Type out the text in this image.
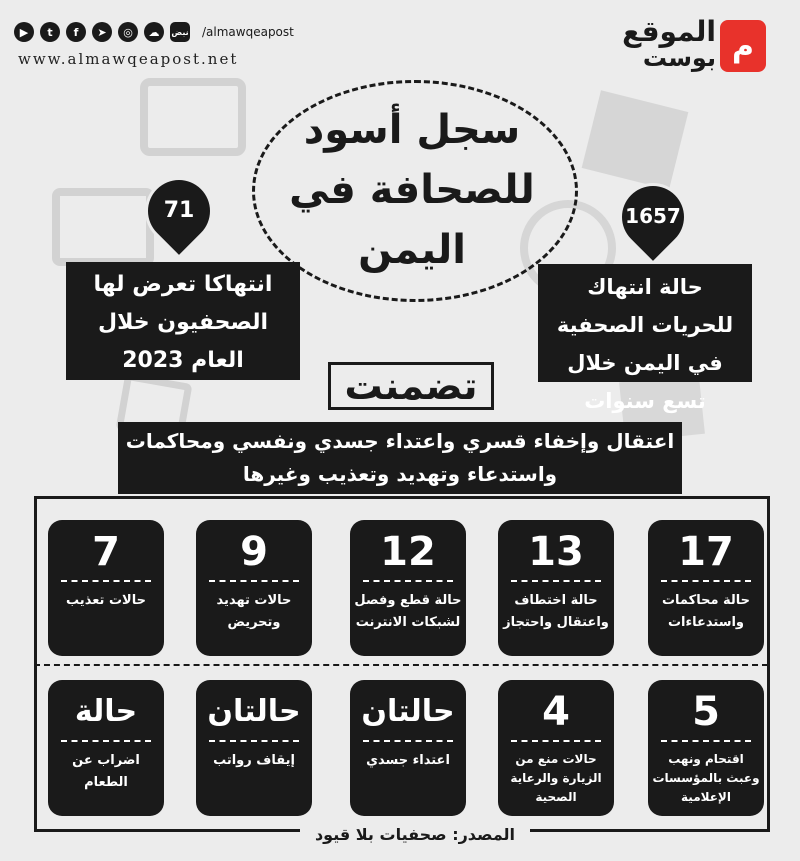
▶	t	f	➤	◎	☁	نبض /almawqeapost
www.almawqeapost.net
الموقع
بوست م
سجل أسود للصحافة في اليمن
71
انتهاكا تعرض لها الصحفيون خلال العام 2023
1657
حالة انتهاك للحريات الصحفية في اليمن خلال تسع سنوات
تضمنت
اعتقال وإخفاء قسري واعتداء جسدي ونفسي ومحاكمات واستدعاء وتهديد وتعذيب وغيرها
17
حالة محاكمات واستدعاءات
13
حالة اختطاف واعتقال واحتجاز
12
حالة قطع وفصل لشبكات الانترنت
9
حالات تهديد وتحريض
7
حالات تعذيب
5
اقتحام ونهب وعبث بالمؤسسات الإعلامية
4
حالات منع من الزيارة والرعاية الصحية
حالتان
اعتداء جسدي
حالتان
إيقاف رواتب
حالة
اضراب عن الطعام
المصدر: صحفيات بلا قيود
